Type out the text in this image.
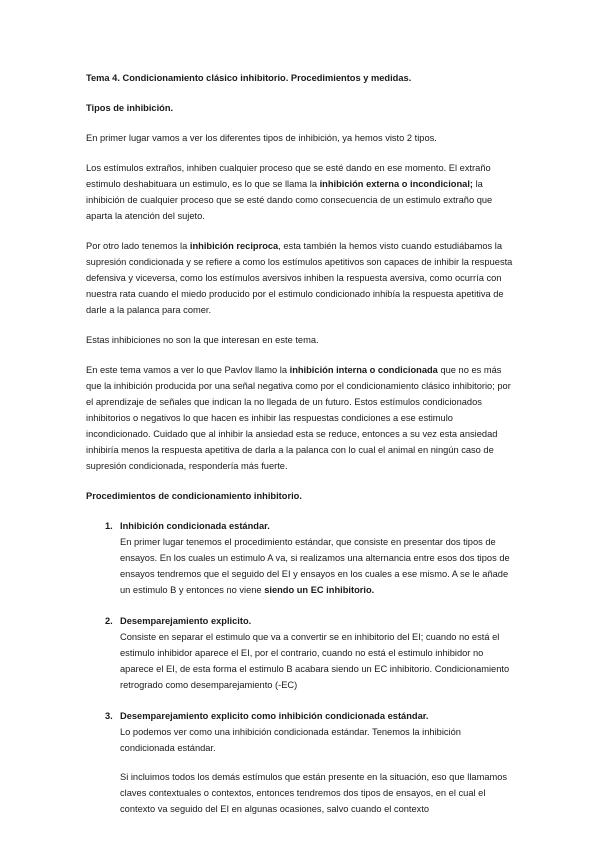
Tema 4. Condicionamiento clásico inhibitorio. Procedimientos y medidas.

Tipos de inhibición.

En primer lugar vamos a ver los diferentes tipos de inhibición, ya hemos visto 2 tipos.

Los estímulos extraños, inhiben cualquier proceso que se esté dando en ese momento. El extraño estimulo deshabituara un estimulo, es lo que se llama la inhibición externa o incondicional; la inhibición de cualquier proceso que se esté dando como consecuencia de un estimulo extraño que aparta la atención del sujeto.

Por otro lado tenemos la inhibición reciproca, esta también la hemos visto cuando estudiábamos la supresión condicionada y se refiere a como los estímulos apetitivos son capaces de inhibir la respuesta defensiva y viceversa, como los estímulos aversivos inhiben la respuesta aversiva, como ocurría con nuestra rata cuando el miedo producido por el estimulo condicionado inhibía la respuesta apetitiva de darle a la palanca para comer.

Estas inhibiciones no son la que interesan en este tema.

En este tema vamos a ver lo que Pavlov llamo la inhibición interna o condicionada que no es más que la inhibición producida por una señal negativa como por el condicionamiento clásico inhibitorio; por el aprendizaje de señales que indican la no llegada de un futuro. Estos estímulos condicionados inhibitorios o negativos lo que hacen es inhibir las respuestas condiciones a ese estimulo incondicionado. Cuidado que al inhibir la ansiedad esta se reduce, entonces a su vez esta ansiedad inhibiría menos la respuesta apetitiva de darla a la palanca con lo cual el animal en ningún caso de supresión condicionada, respondería más fuerte.

Procedimientos de condicionamiento inhibitorio.

1. Inhibición condicionada estándar.

En primer lugar tenemos el procedimiento estándar, que consiste en presentar dos tipos de ensayos. En los cuales un estimulo A va, si realizamos una alternancia entre esos dos tipos de ensayos tendremos que el seguido del EI y ensayos en los cuales a ese mismo. A se le añade un estimulo B y entonces no viene siendo un EC inhibitorio.

2. Desemparejamiento explicito.

Consiste en separar el estimulo que va a convertir se en inhibitorio del EI; cuando no está el estimulo inhibidor aparece el EI, por el contrario, cuando no está el estimulo inhibidor no aparece el EI, de esta forma el estimulo B acabara siendo un EC inhibitorio. Condicionamiento retrogrado como desemparejamiento (-EC)

3. Desemparejamiento explicito como inhibición condicionada estándar.

Lo podemos ver como una inhibición condicionada estándar. Tenemos la inhibición condicionada estándar.

Si incluimos todos los demás estímulos que están presente en la situación, eso que llamamos claves contextuales o contextos, entonces tendremos dos tipos de ensayos, en el cual el contexto va seguido del EI en algunas ocasiones, salvo cuando el contexto
